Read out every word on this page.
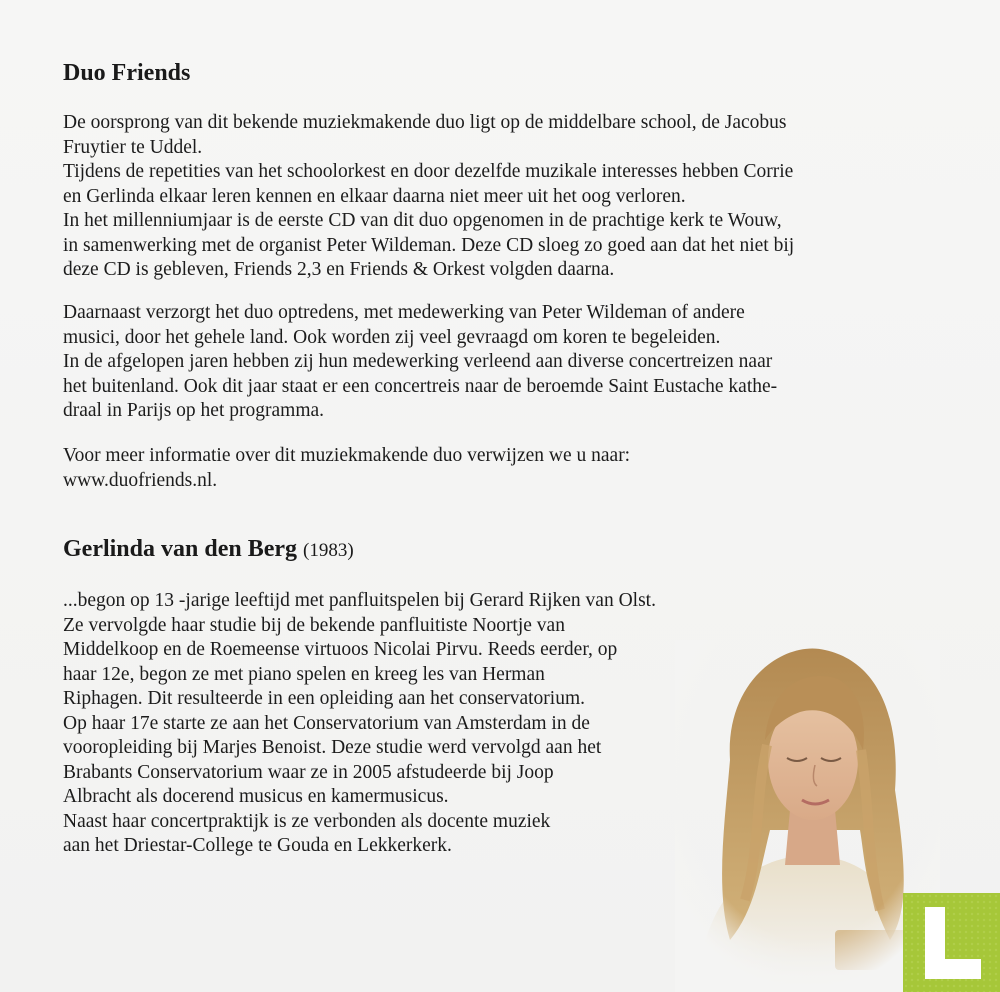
Duo Friends

De oorsprong van dit bekende muziekmakende duo ligt op de middelbare school, de Jacobus
Fruytier te Uddel.
Tijdens de repetities van het schoolorkest en door dezelfde muzikale interesses hebben Corrie
en Gerlinda elkaar leren kennen en elkaar daarna niet meer uit het oog verloren.
In het millenniumjaar is de eerste CD van dit duo opgenomen in de prachtige kerk te Wouw,
in samenwerking met de organist Peter Wildeman. Deze CD sloeg zo goed aan dat het niet bij
deze CD is gebleven, Friends 2,3 en Friends & Orkest volgden daarna.

Daarnaast verzorgt het duo optredens, met medewerking van Peter Wildeman of andere
musici, door het gehele land. Ook worden zij veel gevraagd om koren te begeleiden.
In de afgelopen jaren hebben zij hun medewerking verleend aan diverse concertreizen naar
het buitenland. Ook dit jaar staat er een concertreis naar de beroemde Saint Eustache kathe-
draal in Parijs op het programma.

Voor meer informatie over dit muziekmakende duo verwijzen we u naar:
www.duofriends.nl.

Gerlinda van den Berg (1983)

...begon op 13 -jarige leeftijd met panfluitspelen bij Gerard Rijken van Olst.
Ze vervolgde haar studie bij de bekende panfluitiste Noortje van
Middelkoop en de Roemeense virtuoos Nicolai Pirvu. Reeds eerder, op
haar 12e, begon ze met piano spelen en kreeg les van Herman
Riphagen. Dit resulteerde in een opleiding aan het conservatorium.
Op haar 17e starte ze aan het Conservatorium van Amsterdam in de
vooropleiding bij Marjes Benoist. Deze studie werd vervolgd aan het
Brabants Conservatorium waar ze in 2005 afstudeerde bij Joop
Albracht als docerend musicus en kamermusicus.
Naast haar concertpraktijk is ze verbonden als docente muziek
aan het Driestar-College te Gouda en Lekkerkerk.
